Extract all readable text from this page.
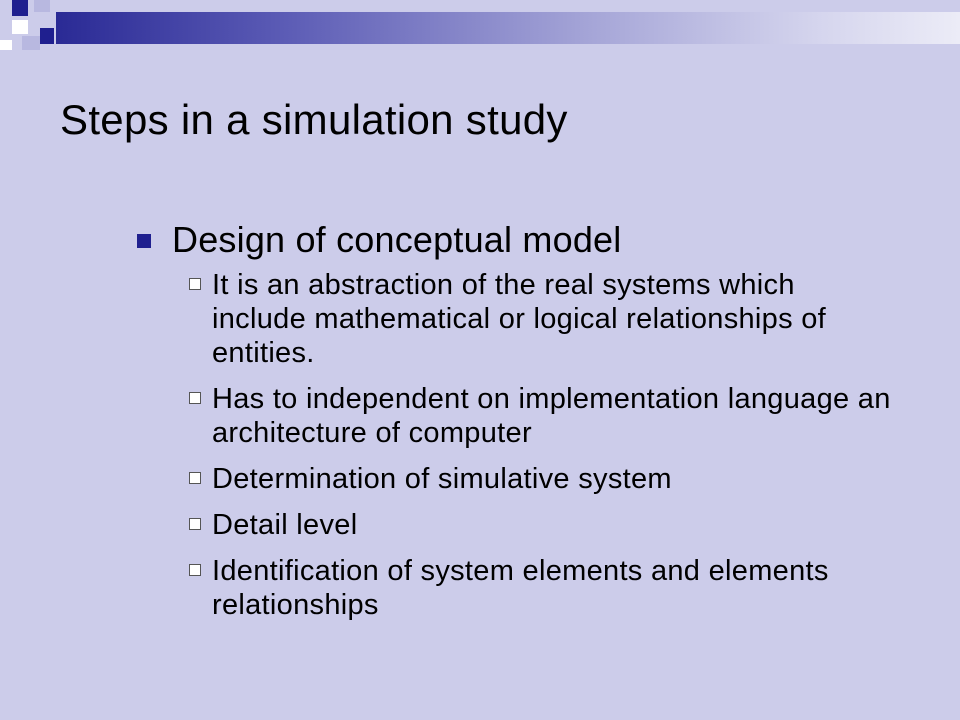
Steps in a simulation study
Design of conceptual model
It is an abstraction of the real systems which include mathematical or logical relationships of entities.
Has to independent on implementation language an architecture of computer
Determination of simulative system
Detail level
Identification of system elements and elements relationships
